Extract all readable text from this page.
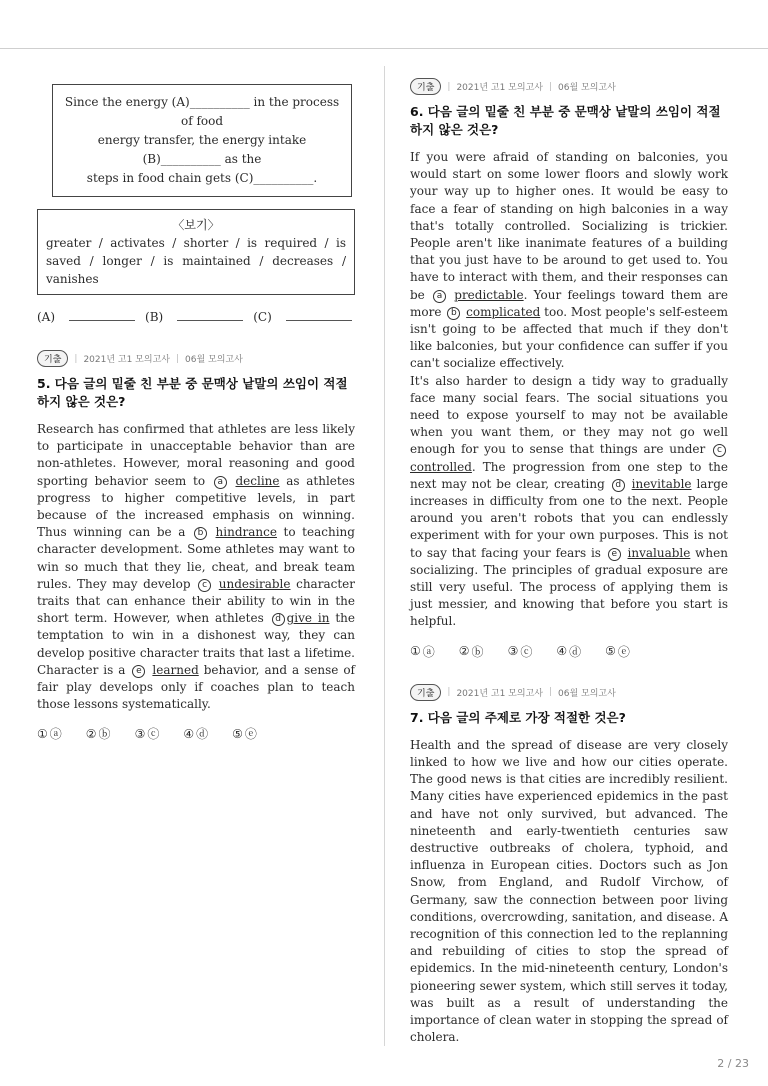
Since the energy (A)__________ in the process of food
energy transfer, the energy intake (B)__________ as the
steps in food chain gets (C)__________.
〈보기〉
greater / activates / shorter / is required / is saved / longer / is maintained / decreases / vanishes
(A)	(B)	(C)
기출	| 2021년 고1 모의고사 | 06월 모의고사
5. 다음 글의 밑줄 친 부분 중 문맥상 낱말의 쓰임이 적절하지 않은 것은?
Research has confirmed that athletes are less likely to participate in unacceptable behavior than are non-athletes. However, moral reasoning and good sporting behavior seem to a decline as athletes progress to higher competitive levels, in part because of the increased emphasis on winning. Thus winning can be a b hindrance to teaching character development. Some athletes may want to win so much that they lie, cheat, and break team rules. They may develop c undesirable character traits that can enhance their ability to win in the short term. However, when athletes d give in the temptation to win in a dishonest way, they can develop positive character traits that last a lifetime. Character is a e learned behavior, and a sense of fair play develops only if coaches plan to teach those lessons systematically.
① ⓐ ② ⓑ ③ ⓒ ④ ⓓ ⑤ ⓔ
기출	| 2021년 고1 모의고사 | 06월 모의고사
6. 다음 글의 밑줄 친 부분 중 문맥상 낱말의 쓰임이 적절하지 않은 것은?
If you were afraid of standing on balconies, you would start on some lower floors and slowly work your way up to higher ones. It would be easy to face a fear of standing on high balconies in a way that's totally controlled. Socializing is trickier. People aren't like inanimate features of a building that you just have to be around to get used to. You have to interact with them, and their responses can be a predictable. Your feelings toward them are more b complicated too. Most people's self-esteem isn't going to be affected that much if they don't like balconies, but your confidence can suffer if you can't socialize effectively.
It's also harder to design a tidy way to gradually face many social fears. The social situations you need to expose yourself to may not be available when you want them, or they may not go well enough for you to sense that things are under c controlled. The progression from one step to the next may not be clear, creating d inevitable large increases in difficulty from one to the next. People around you aren't robots that you can endlessly experiment with for your own purposes. This is not to say that facing your fears is e invaluable when socializing. The principles of gradual exposure are still very useful. The process of applying them is just messier, and knowing that before you start is helpful.
① ⓐ ② ⓑ ③ ⓒ ④ ⓓ ⑤ ⓔ
기출	| 2021년 고1 모의고사 | 06월 모의고사
7. 다음 글의 주제로 가장 적절한 것은?
Health and the spread of disease are very closely linked to how we live and how our cities operate. The good news is that cities are incredibly resilient. Many cities have experienced epidemics in the past and have not only survived, but advanced. The nineteenth and early-twentieth centuries saw destructive outbreaks of cholera, typhoid, and influenza in European cities. Doctors such as Jon Snow, from England, and Rudolf Virchow, of Germany, saw the connection between poor living conditions, overcrowding, sanitation, and disease. A recognition of this connection led to the replanning and rebuilding of cities to stop the spread of epidemics. In the mid-nineteenth century, London's pioneering sewer system, which still serves it today, was built as a result of understanding the importance of clean water in stopping the spread of cholera.
2 / 23
